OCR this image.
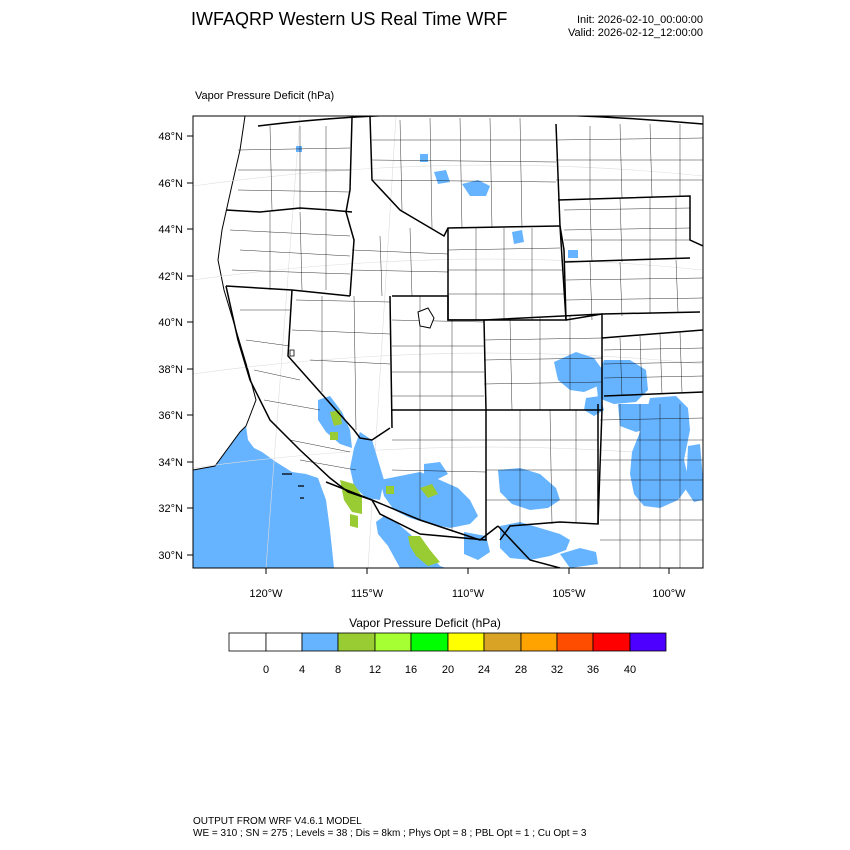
IWFAQRP Western US Real Time WRF	Init: 2026-02-10_00:00:00
Valid: 2026-02-12_12:00:00
Vapor Pressure Deficit (hPa)
48°N
46°N
44°N
42°N
40°N
38°N
36°N
34°N
32°N
30°N
120°W	115°W	110°W	105°W	100°W
0	4	8	12 16 20 24 28 32 36 40
Vapor Pressure Deficit (hPa)
OUTPUT FROM WRF V4.6.1 MODEL
WE = 310 ; SN = 275 ; Levels = 38 ; Dis = 8km ; Phys Opt = 8 ; PBL Opt = 1 ; Cu Opt = 3
